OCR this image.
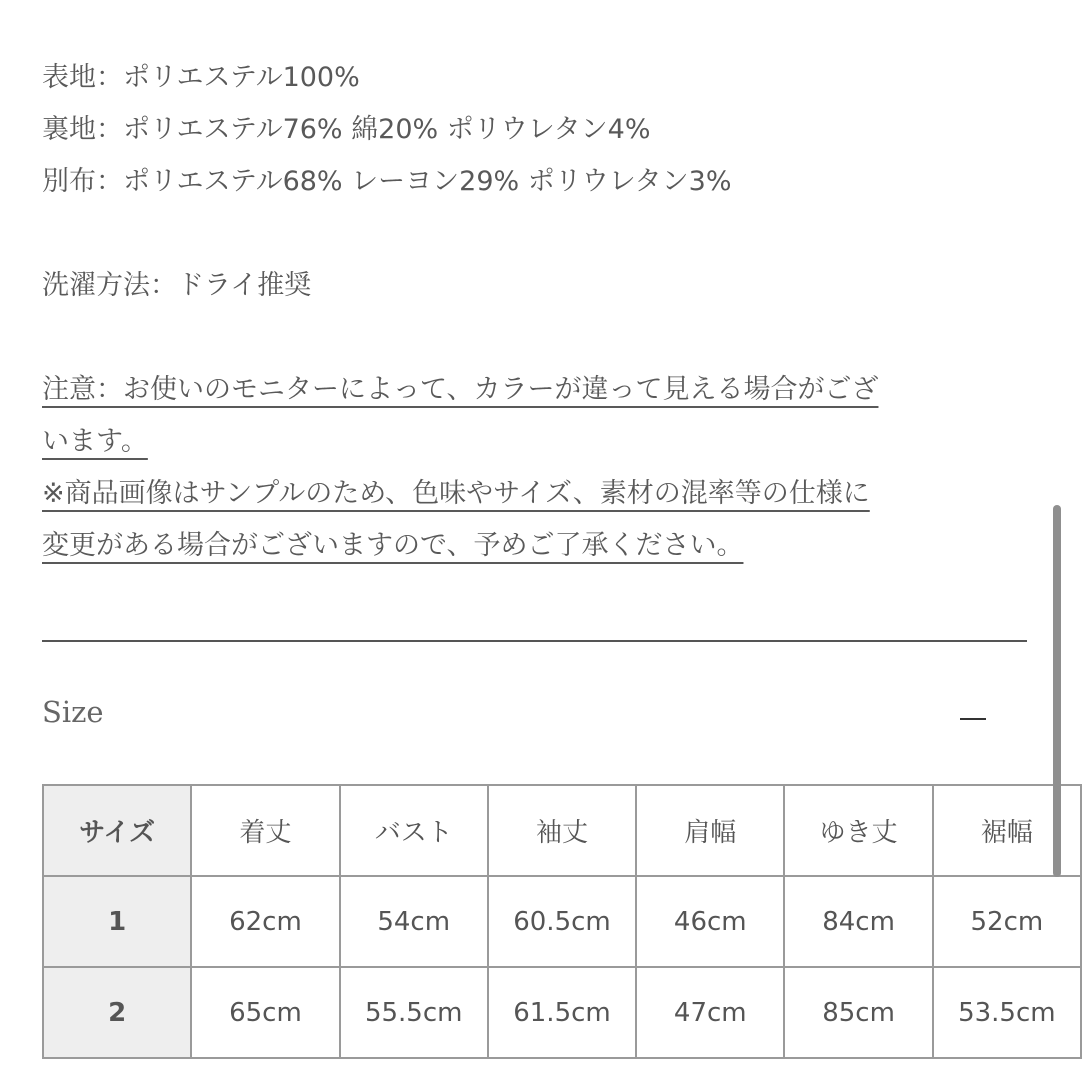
表地：ポリエステル100%
裏地：ポリエステル76% 綿20% ポリウレタン4%
別布：ポリエステル68% レーヨン29% ポリウレタン3%
洗濯方法：ドライ推奨
注意：お使いのモニターによって、カラーが違って見える場合がござ
います。
※商品画像はサンプルのため、色味やサイズ、素材の混率等の仕様に
変更がある場合がございますので、予めご了承ください。
Size
サイズ	着丈	バスト	袖丈	肩幅	ゆき丈	裾幅
1	62cm	54cm	60.5cm	46cm	84cm	52cm
2	65cm	55.5cm	61.5cm	47cm	85cm	53.5cm
